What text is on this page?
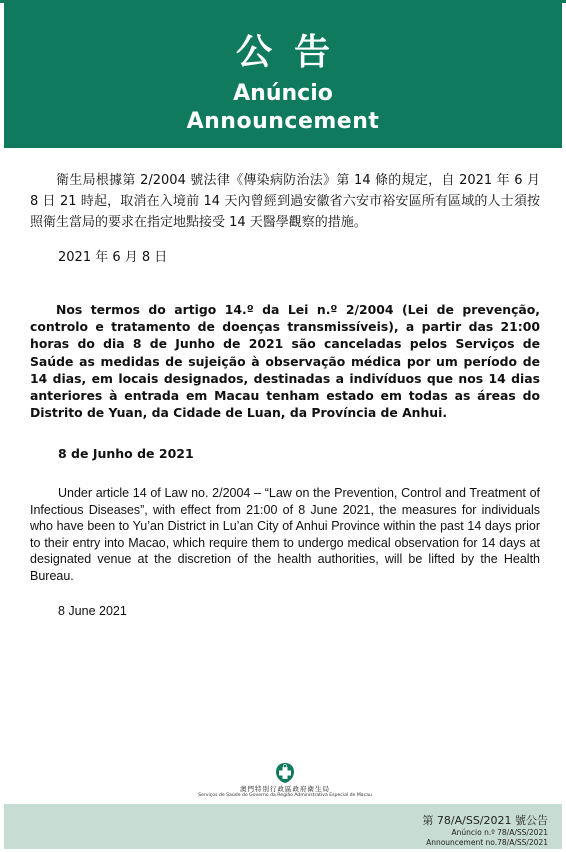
公告
Anúncio
Announcement

衛生局根據第 2/2004 號法律《傳染病防治法》第 14 條的規定，自 2021 年 6 月 8 日 21 時起，取消在入境前 14 天內曾經到過安徽省六安市裕安區所有區域的人士須按照衛生當局的要求在指定地點接受 14 天醫學觀察的措施。

2021 年 6 月 8 日

Nos termos do artigo 14.º da Lei n.º 2/2004 (Lei de prevenção, controlo e tratamento de doenças transmissíveis), a partir das 21:00 horas do dia 8 de Junho de 2021 são canceladas pelos Serviços de Saúde as medidas de sujeição à observação médica por um período de 14 dias, em locais designados, destinadas a indivíduos que nos 14 dias anteriores à entrada em Macau tenham estado em todas as áreas do Distrito de Yuan, da Cidade de Luan, da Província de Anhui.

8 de Junho de 2021

Under article 14 of Law no. 2/2004 – “Law on the Prevention, Control and Treatment of Infectious Diseases”, with effect from 21:00 of 8 June 2021, the measures for individuals who have been to Yu’an District in Lu’an City of Anhui Province within the past 14 days prior to their entry into Macao, which require them to undergo medical observation for 14 days at designated venue at the discretion of the health authorities, will be lifted by the Health Bureau.

8 June 2021

澳門特別行政區政府衛生局
Serviços de Saúde do Governo da Região Administrativa Especial de Macau

第 78/A/SS/2021 號公告

Anúncio n.º 78/A/SS/2021

Announcement no.78/A/SS/2021
